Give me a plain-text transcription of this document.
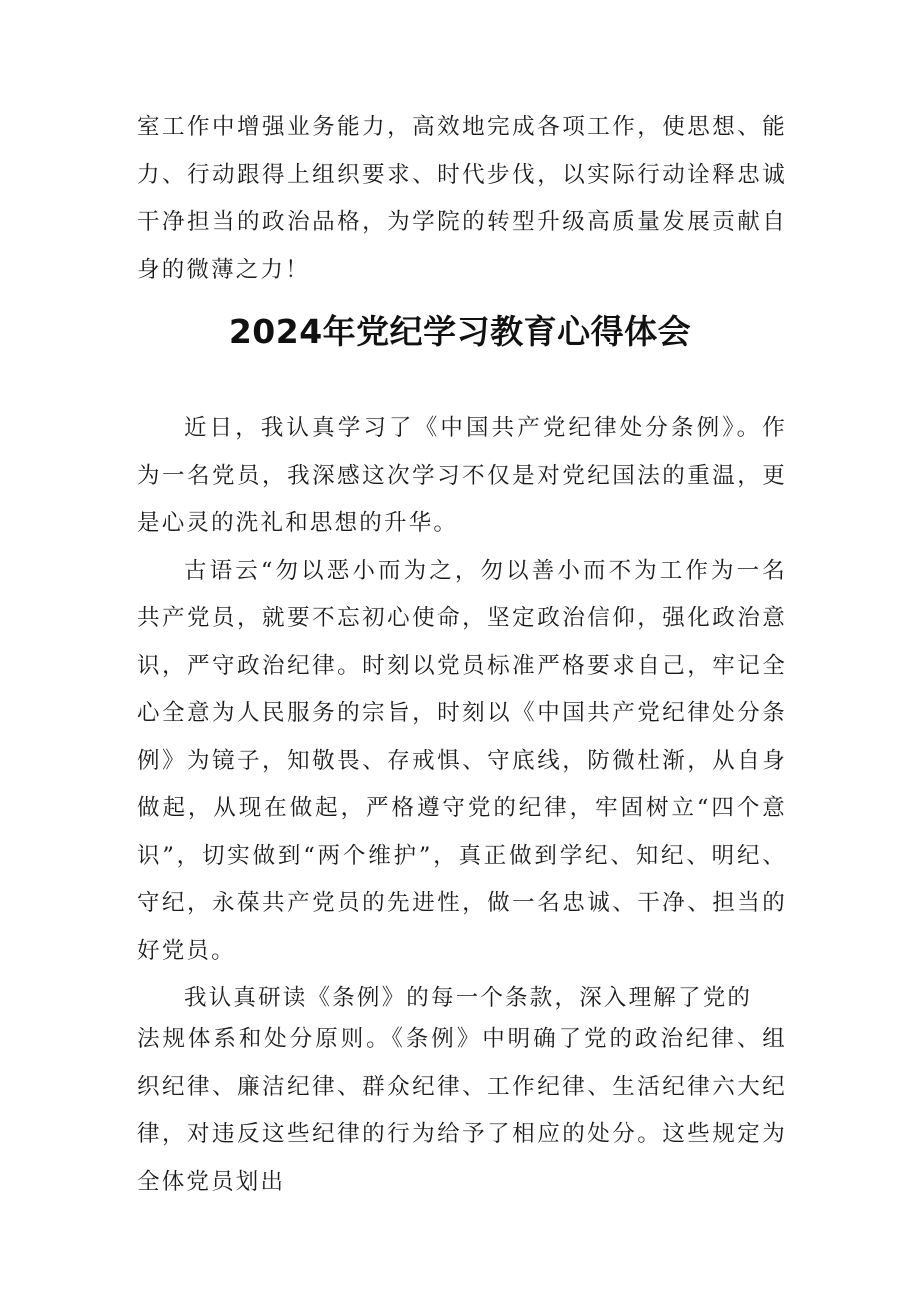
室工作中增强业务能力，高效地完成各项工作，使思想、能力、行动跟得上组织要求、时代步伐，以实际行动诠释忠诚干净担当的政治品格，为学院的转型升级高质量发展贡献自身的微薄之力！

2024年党纪学习教育心得体会

近日，我认真学习了《中国共产党纪律处分条例》。作为一名党员，我深感这次学习不仅是对党纪国法的重温，更是心灵的洗礼和思想的升华。

古语云“勿以恶小而为之，勿以善小而不为工作为一名共产党员，就要不忘初心使命，坚定政治信仰，强化政治意识，严守政治纪律。时刻以党员标准严格要求自己，牢记全心全意为人民服务的宗旨，时刻以《中国共产党纪律处分条例》为镜子，知敬畏、存戒惧、守底线，防微杜渐，从自身做起，从现在做起，严格遵守党的纪律，牢固树立“四个意识”，切实做到“两个维护”，真正做到学纪、知纪、明纪、守纪，永葆共产党员的先进性，做一名忠诚、干净、担当的好党员。

我认真研读《条例》的每一个条款，深入理解了党的

法规体系和处分原则。《条例》中明确了党的政治纪律、组织纪律、廉洁纪律、群众纪律、工作纪律、生活纪律六大纪律，对违反这些纪律的行为给予了相应的处分。这些规定为全体党员划出
